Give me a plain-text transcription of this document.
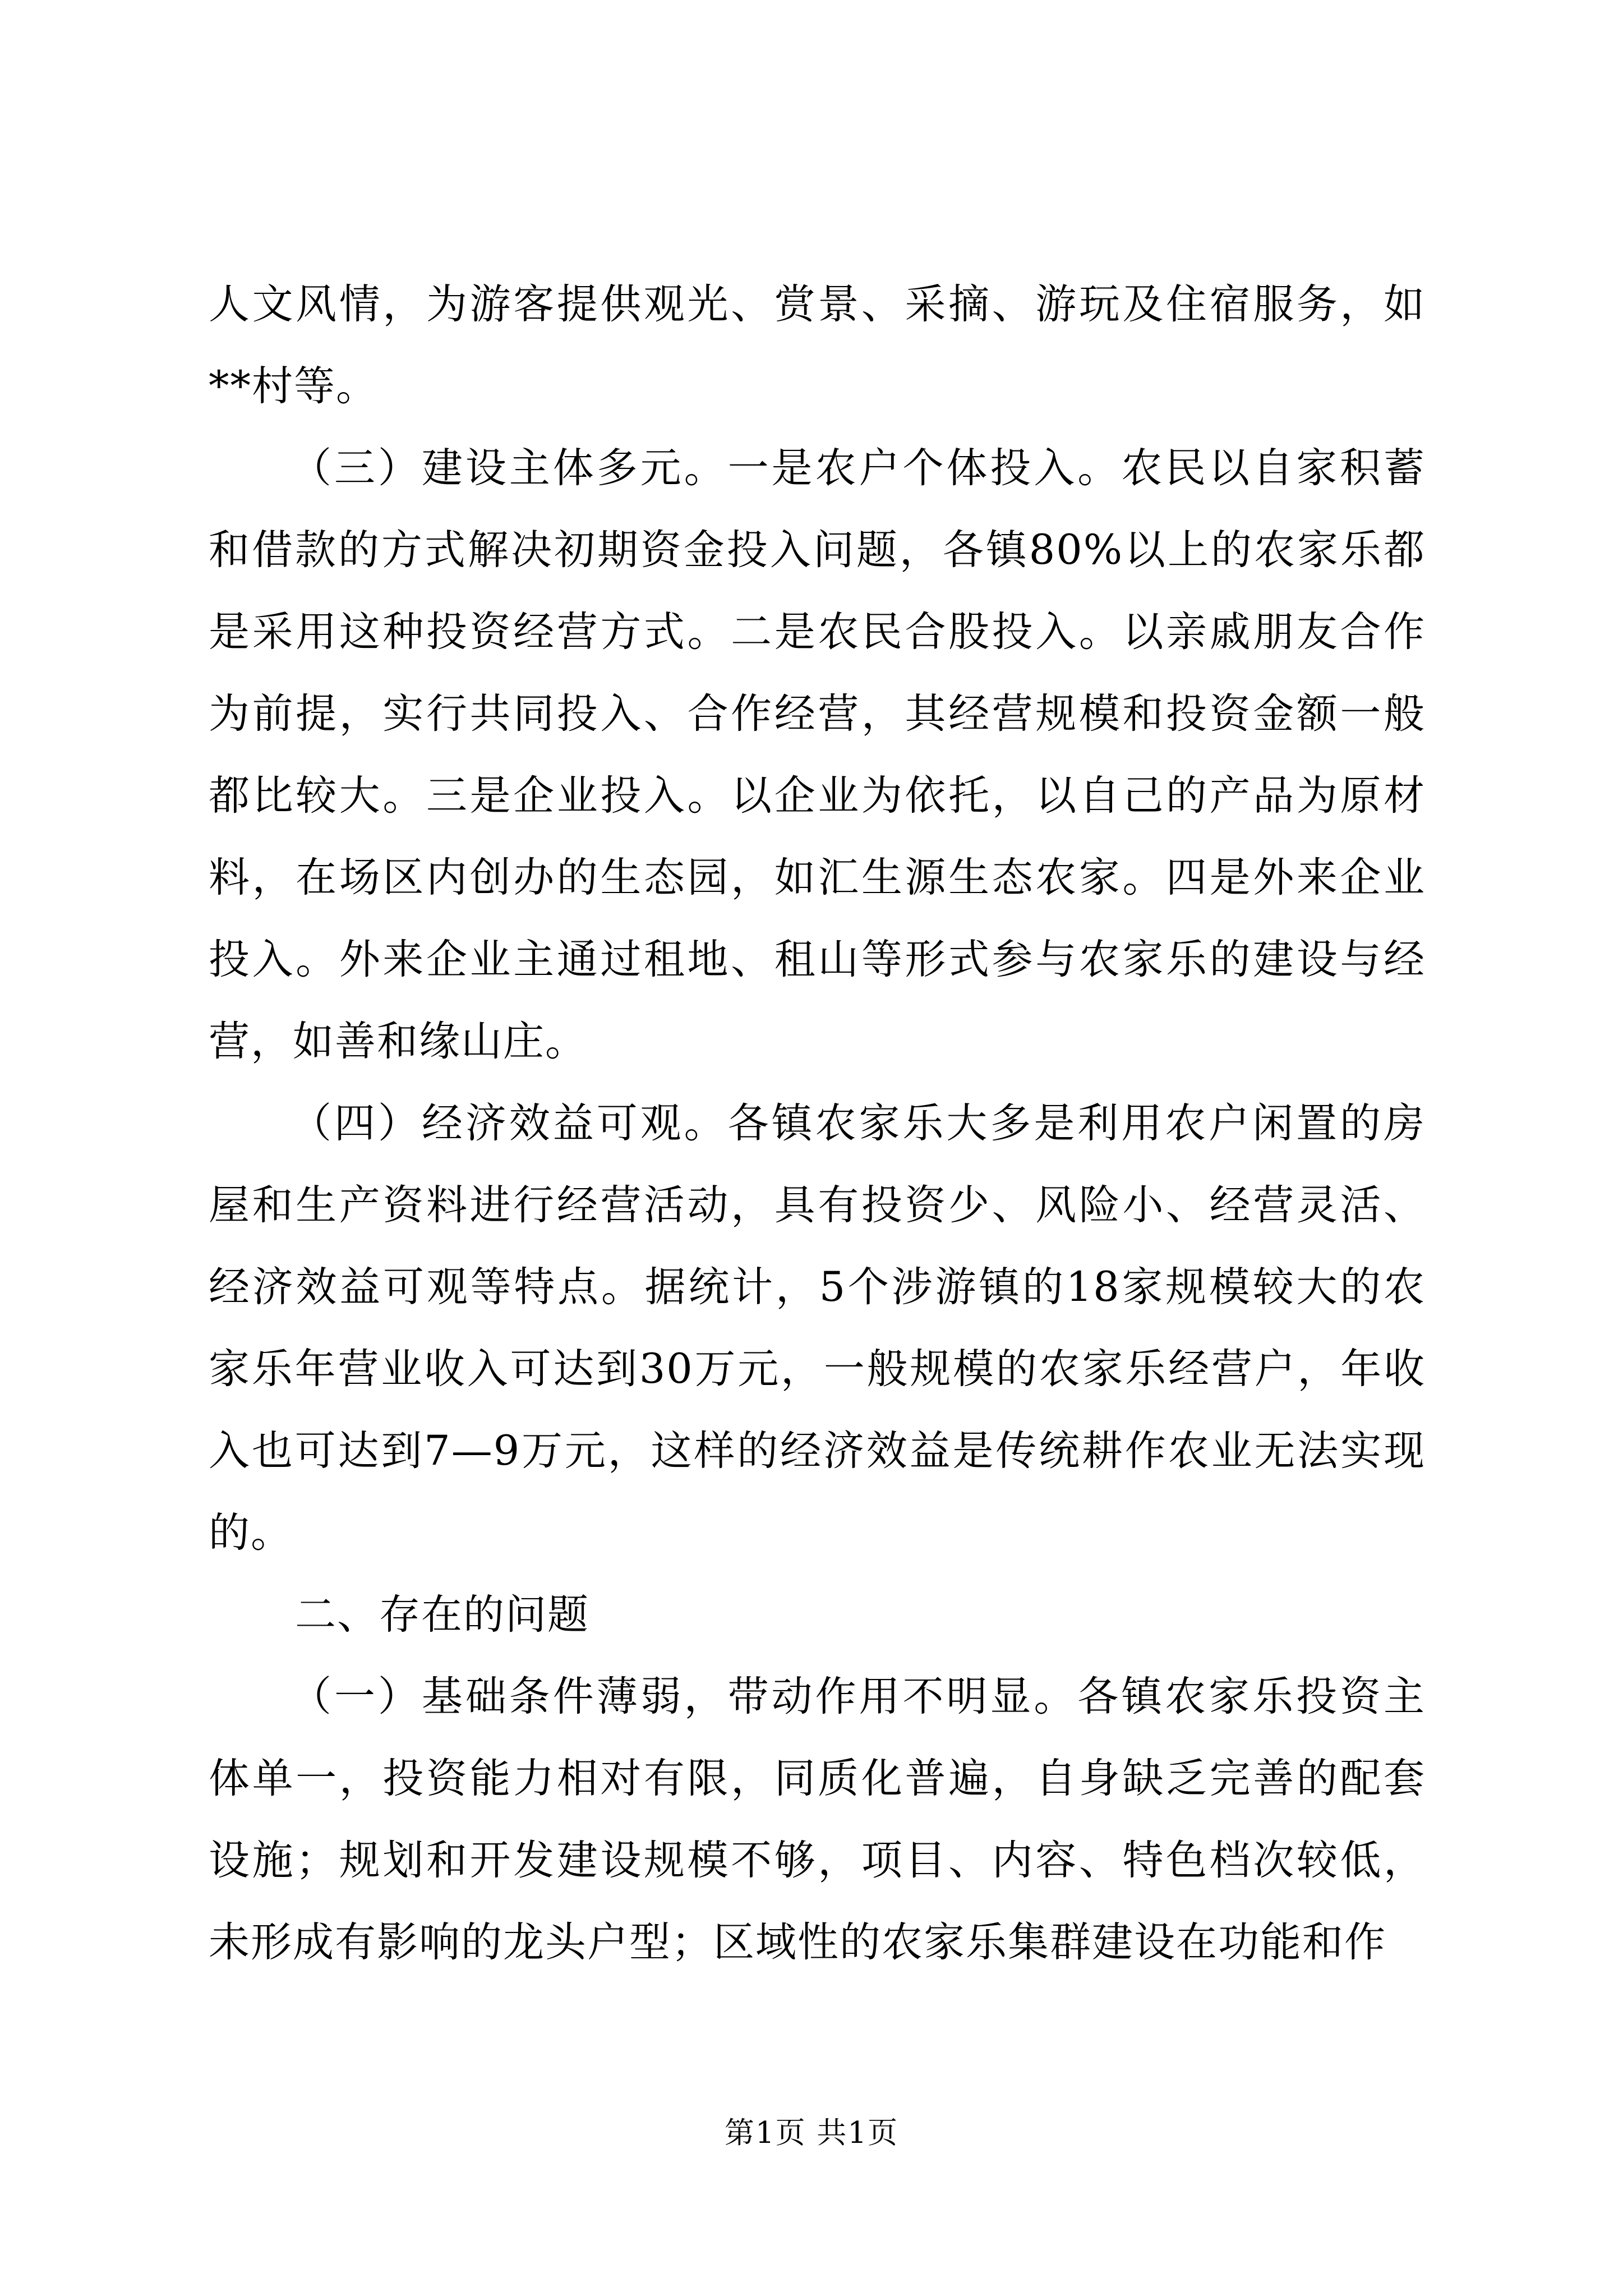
人文风情，为游客提供观光、赏景、采摘、游玩及住宿服务，如**村等。

（三）建设主体多元。一是农户个体投入。农民以自家积蓄和借款的方式解决初期资金投入问题，各镇80%以上的农家乐都是采用这种投资经营方式。二是农民合股投入。以亲戚朋友合作为前提，实行共同投入、合作经营，其经营规模和投资金额一般都比较大。三是企业投入。以企业为依托，以自己的产品为原材料，在场区内创办的生态园，如汇生源生态农家。四是外来企业投入。外来企业主通过租地、租山等形式参与农家乐的建设与经营，如善和缘山庄。

（四）经济效益可观。各镇农家乐大多是利用农户闲置的房屋和生产资料进行经营活动，具有投资少、风险小、经营灵活、经济效益可观等特点。据统计，5个涉游镇的18家规模较大的农家乐年营业收入可达到30万元，一般规模的农家乐经营户，年收入也可达到7—9万元，这样的经济效益是传统耕作农业无法实现的。

二、存在的问题

（一）基础条件薄弱，带动作用不明显。各镇农家乐投资主体单一，投资能力相对有限，同质化普遍，自身缺乏完善的配套设施；规划和开发建设规模不够，项目、内容、特色档次较低，未形成有影响的龙头户型；区域性的农家乐集群建设在功能和作

第1页 共1页
